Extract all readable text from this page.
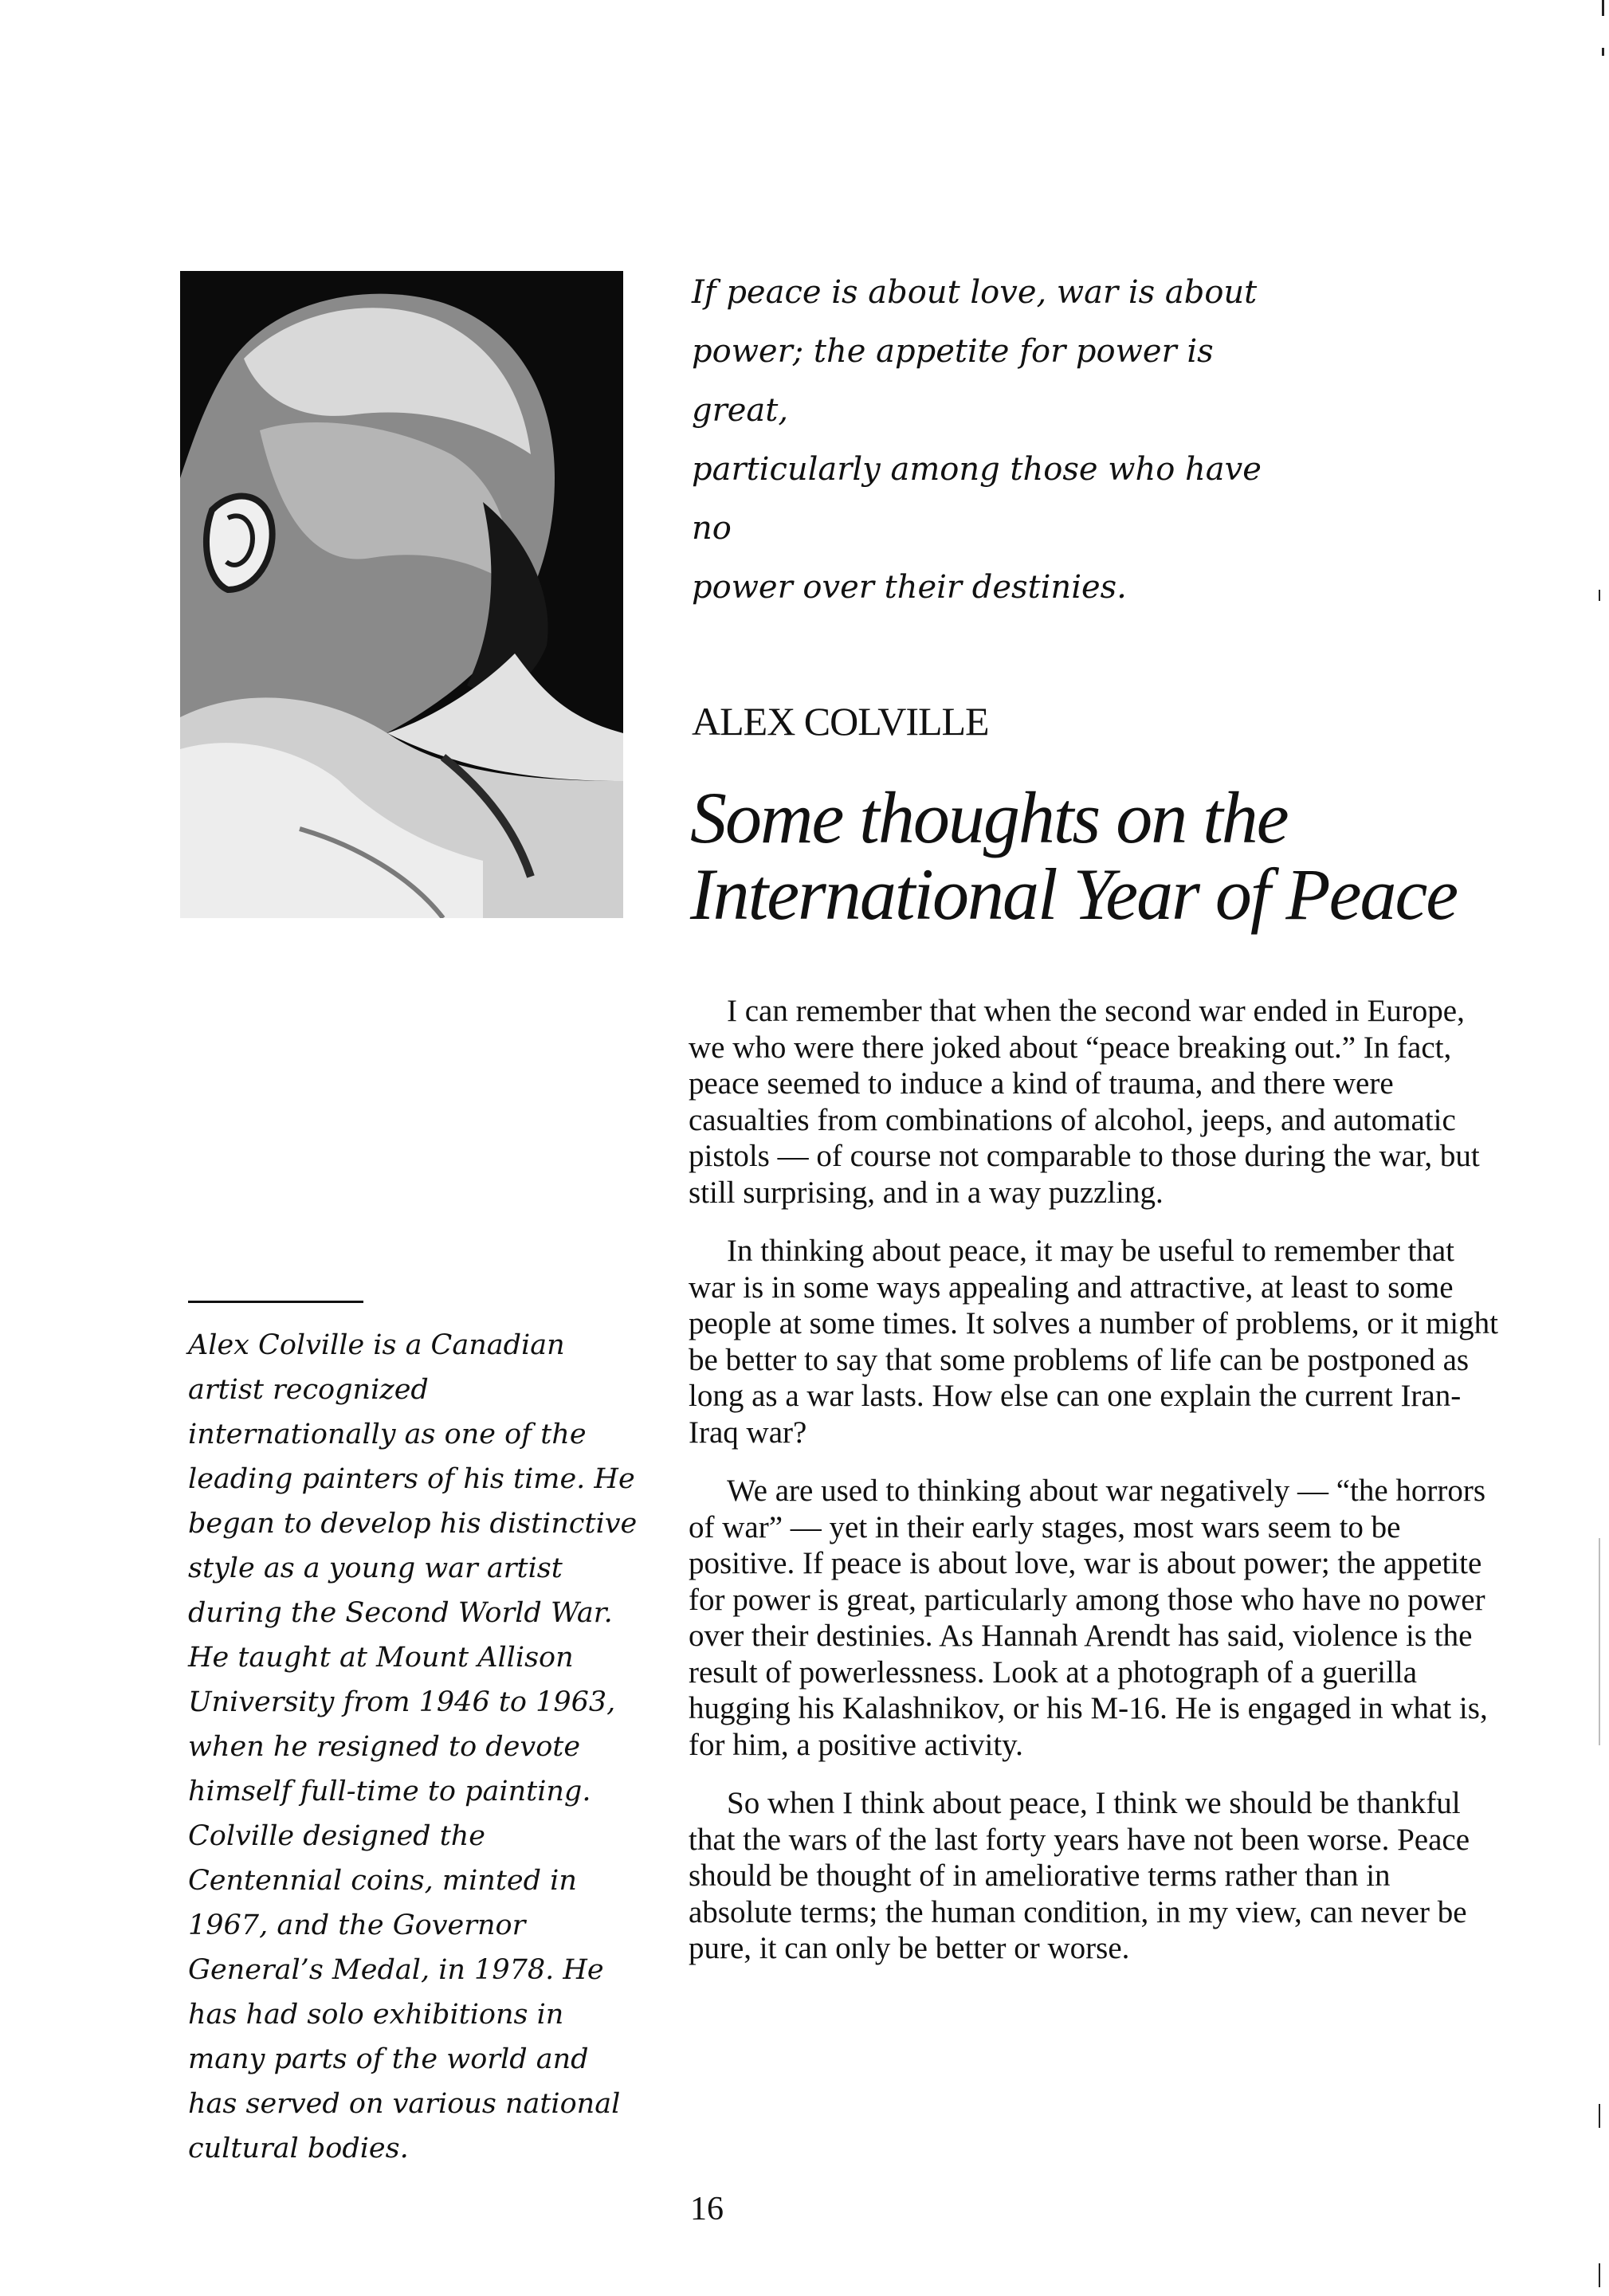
If peace is about love, war is about

power; the appetite for power is great,

particularly among those who have no

power over their destinies.

ALEX COLVILLE
Some thoughts on the
International Year of Peace

I can remember that when the second war ended in Europe, we who were there joked about “peace breaking out.” In fact, peace seemed to induce a kind of trauma, and there were casualties from combinations of alcohol, jeeps, and automatic pistols — of course not comparable to those during the war, but still surprising, and in a way puzzling.

In thinking about peace, it may be useful to remember that war is in some ways appealing and attractive, at least to some people at some times. It solves a number of problems, or it might be better to say that some problems of life can be postponed as long as a war lasts. How else can one explain the current Iran-Iraq war?

We are used to thinking about war negatively — “the horrors of war” — yet in their early stages, most wars seem to be positive. If peace is about love, war is about power; the appetite for power is great, particularly among those who have no power over their destinies. As Hannah Arendt has said, violence is the result of powerlessness. Look at a photograph of a guerilla hugging his Kalashnikov, or his M-16. He is engaged in what is, for him, a positive activity.

So when I think about peace, I think we should be thankful that the wars of the last forty years have not been worse. Peace should be thought of in ameliorative terms rather than in absolute terms; the human condition, in my view, can never be pure, it can only be better or worse.

Alex Colville is a Canadian artist recognized internationally as one of the leading painters of his time. He began to develop his distinctive style as a young war artist during the Second World War. He taught at Mount Allison University from 1946 to 1963, when he resigned to devote himself full-time to painting. Colville designed the Centennial coins, minted in 1967, and the Governor General’s Medal, in 1978. He has had solo exhibitions in many parts of the world and has served on various national cultural bodies.
16
